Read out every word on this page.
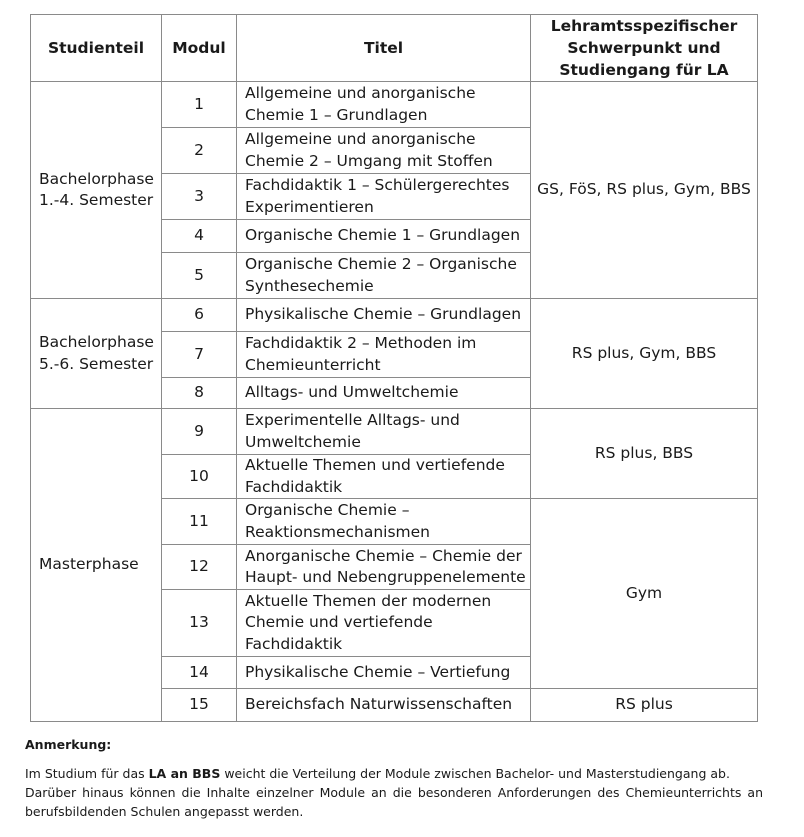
Studienteil	Modul	Titel	Lehramtsspezifischer Schwerpunkt und Studiengang für LA
Bachelorphase 1.-4. Semester	1	Allgemeine und anorganische Chemie 1 – Grundlagen	GS, FöS, RS plus, Gym, BBS
	2	Allgemeine und anorganische Chemie 2 – Umgang mit Stoffen	
	3	Fachdidaktik 1 – Schülergerechtes Experimentieren	
	4	Organische Chemie 1 – Grundlagen	
	5	Organische Chemie 2 – Organische Synthesechemie	
Bachelorphase 5.-6. Semester	6	Physikalische Chemie – Grundlagen	RS plus, Gym, BBS
	7	Fachdidaktik 2 – Methoden im Chemieunterricht	
	8	Alltags- und Umweltchemie	
Masterphase	9	Experimentelle Alltags- und Umweltchemie	RS plus, BBS
	10	Aktuelle Themen und vertiefende Fachdidaktik	
	11	Organische Chemie – Reaktionsmechanismen	Gym
	12	Anorganische Chemie – Chemie der Haupt- und Nebengruppenelemente	
	13	Aktuelle Themen der modernen Chemie und vertiefende Fachdidaktik	
	14	Physikalische Chemie – Vertiefung	
	15	Bereichsfach Naturwissenschaften	RS plus
Anmerkung:

Im Studium für das LA an BBS weicht die Verteilung der Module zwischen Bachelor- und Masterstudiengang ab.

Darüber hinaus können die Inhalte einzelner Module an die besonderen Anforderungen des Chemieunterrichts an berufsbildenden Schulen angepasst werden.
